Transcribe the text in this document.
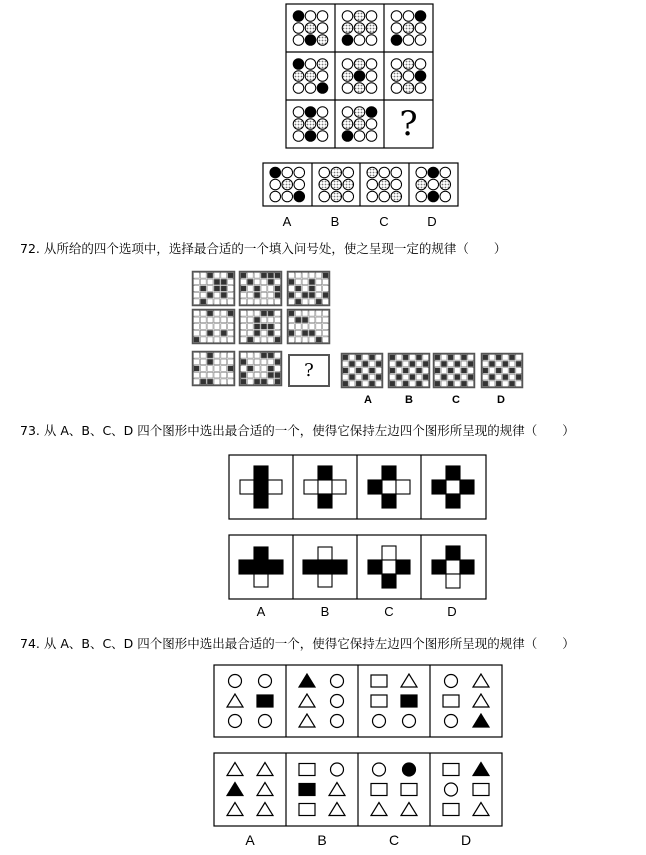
?
A	B	C	D
72. 从所给的四个选项中，选择最合适的一个填入问号处，使之呈现一定的规律（　　）
?
A	B	C	D
73. 从 A、B、C、D 四个图形中选出最合适的一个，使得它保持左边四个图形所呈现的规律（　　）
A	B	C	D
74. 从 A、B、C、D 四个图形中选出最合适的一个，使得它保持左边四个图形所呈现的规律（　　）
A	B	C	D
